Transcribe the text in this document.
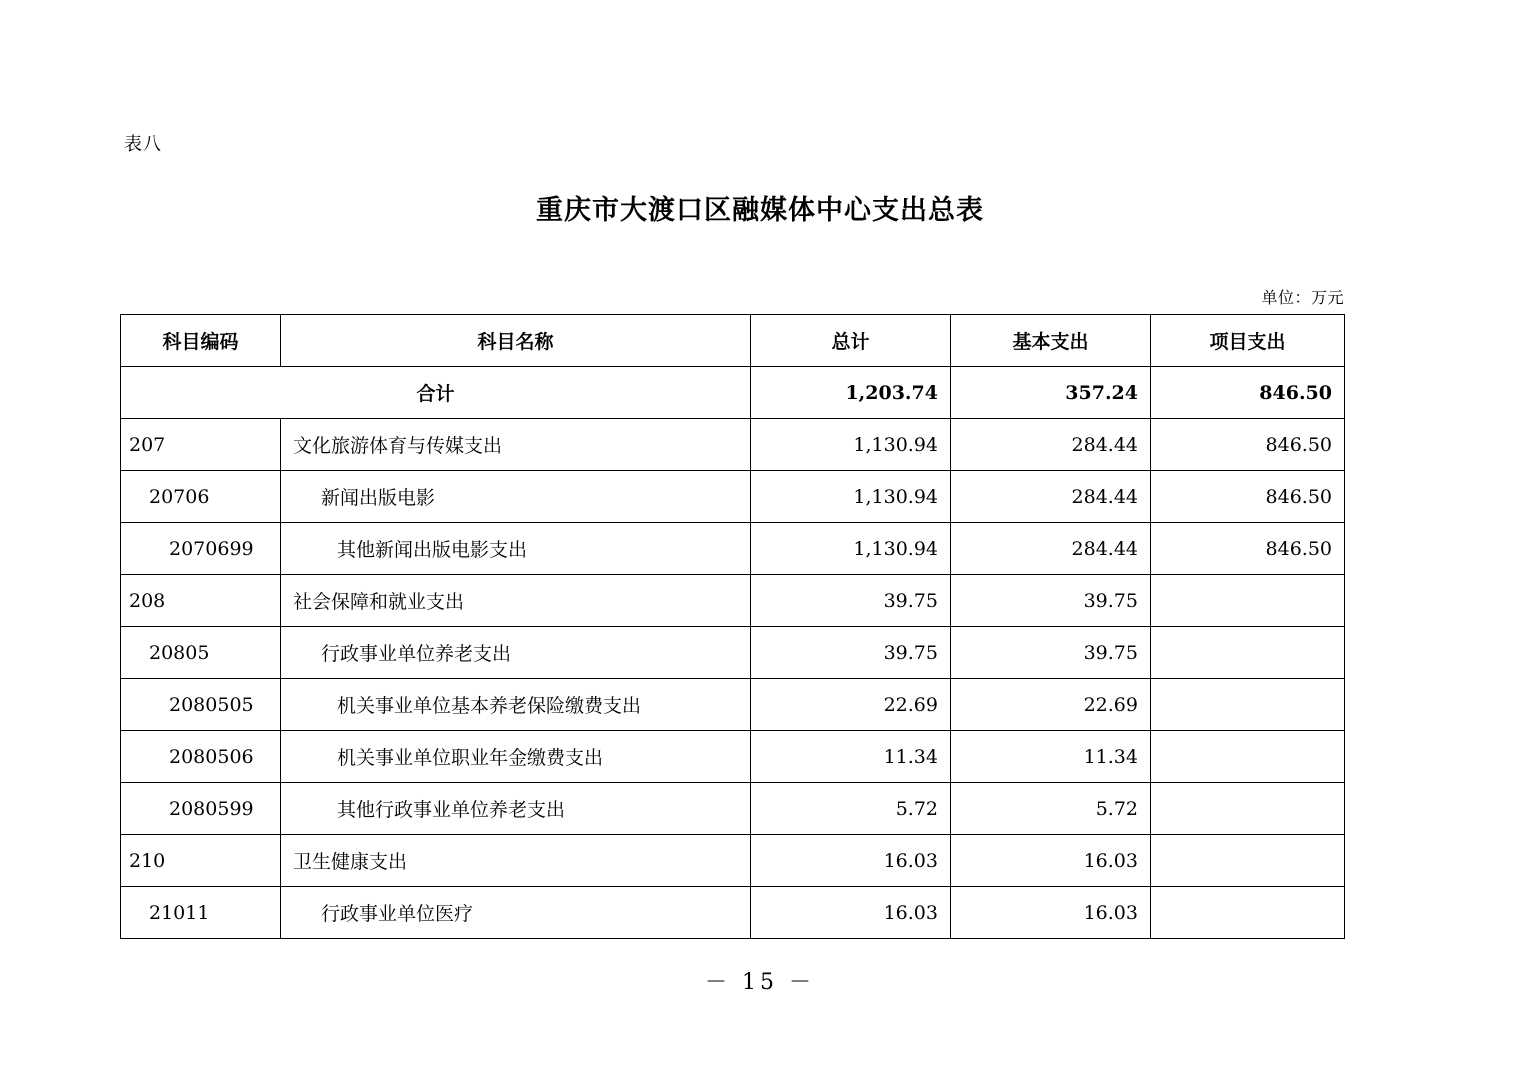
表八
重庆市大渡口区融媒体中心支出总表
单位：万元
科目编码	科目名称	总计	基本支出	项目支出
合计		1,203.74	357.24	846.50
207	文化旅游体育与传媒支出	1,130.94	284.44	846.50
20706	新闻出版电影	1,130.94	284.44	846.50
2070699	其他新闻出版电影支出	1,130.94	284.44	846.50
208	社会保障和就业支出	39.75	39.75	
20805	行政事业单位养老支出	39.75	39.75	
2080505	机关事业单位基本养老保险缴费支出	22.69	22.69	
2080506	机关事业单位职业年金缴费支出	11.34	11.34	
2080599	其他行政事业单位养老支出	5.72	5.72	
210	卫生健康支出	16.03	16.03	
21011	行政事业单位医疗	16.03	16.03	
－ 15 －
